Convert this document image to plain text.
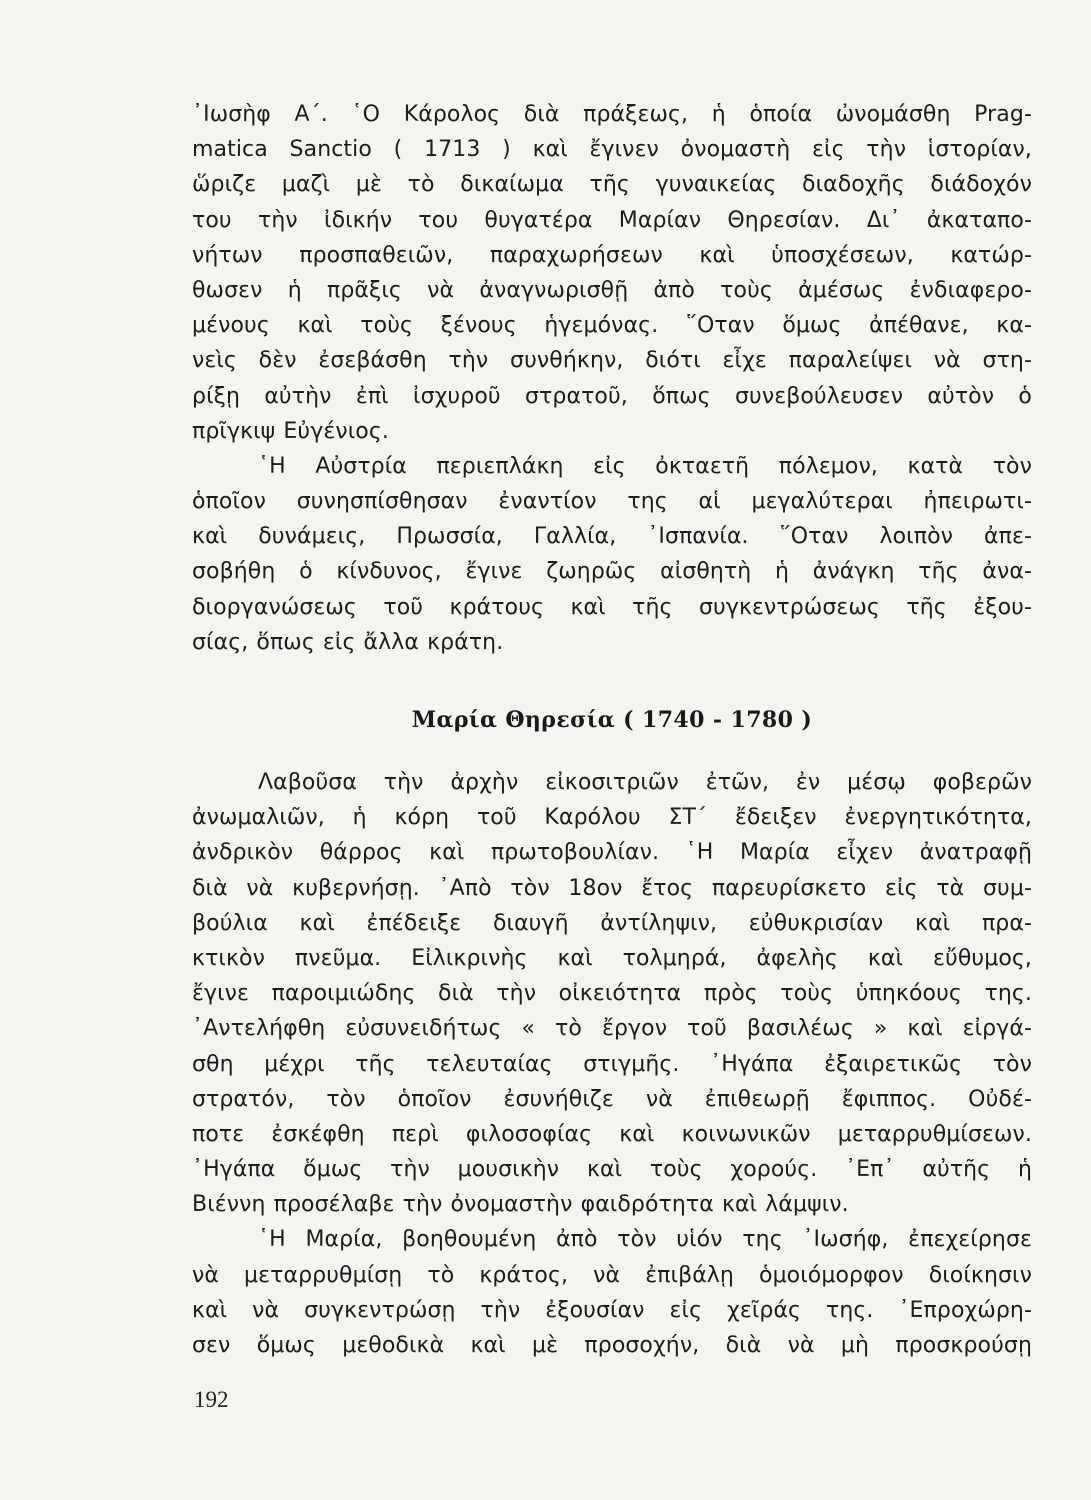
᾿Ιωσὴφ Α΄. ῾Ο Κάρολος διὰ πράξεως, ἡ ὁποία ὠνομάσθη Prag-
matica Sanctio ( 1713 ) καὶ ἔγινεν ὀνομαστὴ εἰς τὴν ἱστορίαν,
ὥριζε μαζὶ μὲ τὸ δικαίωμα τῆς γυναικείας διαδοχῆς διάδοχόν
του τὴν ἰδικήν του θυγατέρα Μαρίαν Θηρεσίαν. Δι᾿ ἀκαταπο-
νήτων προσπαθειῶν, παραχωρήσεων καὶ ὑποσχέσεων, κατώρ-
θωσεν ἡ πρᾶξις νὰ ἀναγνωρισθῇ ἀπὸ τοὺς ἀμέσως ἐνδιαφερο-
μένους καὶ τοὺς ξένους ἡγεμόνας. ῞Οταν ὅμως ἀπέθανε, κα-
νεὶς δὲν ἐσεβάσθη τὴν συνθήκην, διότι εἶχε παραλείψει νὰ στη-
ρίξῃ αὐτὴν ἐπὶ ἰσχυροῦ στρατοῦ, ὅπως συνεβούλευσεν αὐτὸν ὁ
πρῖγκιψ Εὐγένιος.
῾Η Αὐστρία περιεπλάκη εἰς ὀκταετῆ πόλεμον, κατὰ τὸν
ὁποῖον συνησπίσθησαν ἐναντίον της αἱ μεγαλύτεραι ἠπειρωτι-
καὶ δυνάμεις, Πρωσσία, Γαλλία, ᾿Ισπανία. ῞Οταν λοιπὸν ἀπε-
σοβήθη ὁ κίνδυνος, ἔγινε ζωηρῶς αἰσθητὴ ἡ ἀνάγκη τῆς ἀνα-
διοργανώσεως τοῦ κράτους καὶ τῆς συγκεντρώσεως τῆς ἐξου-
σίας, ὅπως εἰς ἄλλα κράτη.
Μαρία Θηρεσία ( 1740 - 1780 )
Λαβοῦσα τὴν ἀρχὴν εἰκοσιτριῶν ἐτῶν, ἐν μέσῳ φοβερῶν
ἀνωμαλιῶν, ἡ κόρη τοῦ Καρόλου ΣΤ΄ ἔδειξεν ἐνεργητικότητα,
ἀνδρικὸν θάρρος καὶ πρωτοβουλίαν. ῾Η Μαρία εἶχεν ἀνατραφῇ
διὰ νὰ κυβερνήσῃ. ᾿Απὸ τὸν 18ον ἔτος παρευρίσκετο εἰς τὰ συμ-
βούλια καὶ ἐπέδειξε διαυγῆ ἀντίληψιν, εὐθυκρισίαν καὶ πρα-
κτικὸν πνεῦμα. Εἰλικρινὴς καὶ τολμηρά, ἀφελὴς καὶ εὔθυμος,
ἔγινε παροιμιώδης διὰ τὴν οἰκειότητα πρὸς τοὺς ὑπηκόους της.
᾿Αντελήφθη εὐσυνειδήτως « τὸ ἔργον τοῦ βασιλέως » καὶ εἰργά-
σθη μέχρι τῆς τελευταίας στιγμῆς. ᾿Ηγάπα ἐξαιρετικῶς τὸν
στρατόν, τὸν ὁποῖον ἐσυνήθιζε νὰ ἐπιθεωρῇ ἔφιππος. Οὐδέ-
ποτε ἐσκέφθη περὶ φιλοσοφίας καὶ κοινωνικῶν μεταρρυθμίσεων.
᾿Ηγάπα ὅμως τὴν μουσικὴν καὶ τοὺς χορούς. ᾿Επ᾿ αὐτῆς ἡ
Βιέννη προσέλαβε τὴν ὀνομαστὴν φαιδρότητα καὶ λάμψιν.
῾Η Μαρία, βοηθουμένη ἀπὸ τὸν υἱόν της ᾿Ιωσήφ, ἐπεχείρησε
νὰ μεταρρυθμίσῃ τὸ κράτος, νὰ ἐπιβάλῃ ὁμοιόμορφον διοίκησιν
καὶ νὰ συγκεντρώσῃ τὴν ἐξουσίαν εἰς χεῖράς της. ᾿Επροχώρη-
σεν ὅμως μεθοδικὰ καὶ μὲ προσοχήν, διὰ νὰ μὴ προσκρούσῃ
192
